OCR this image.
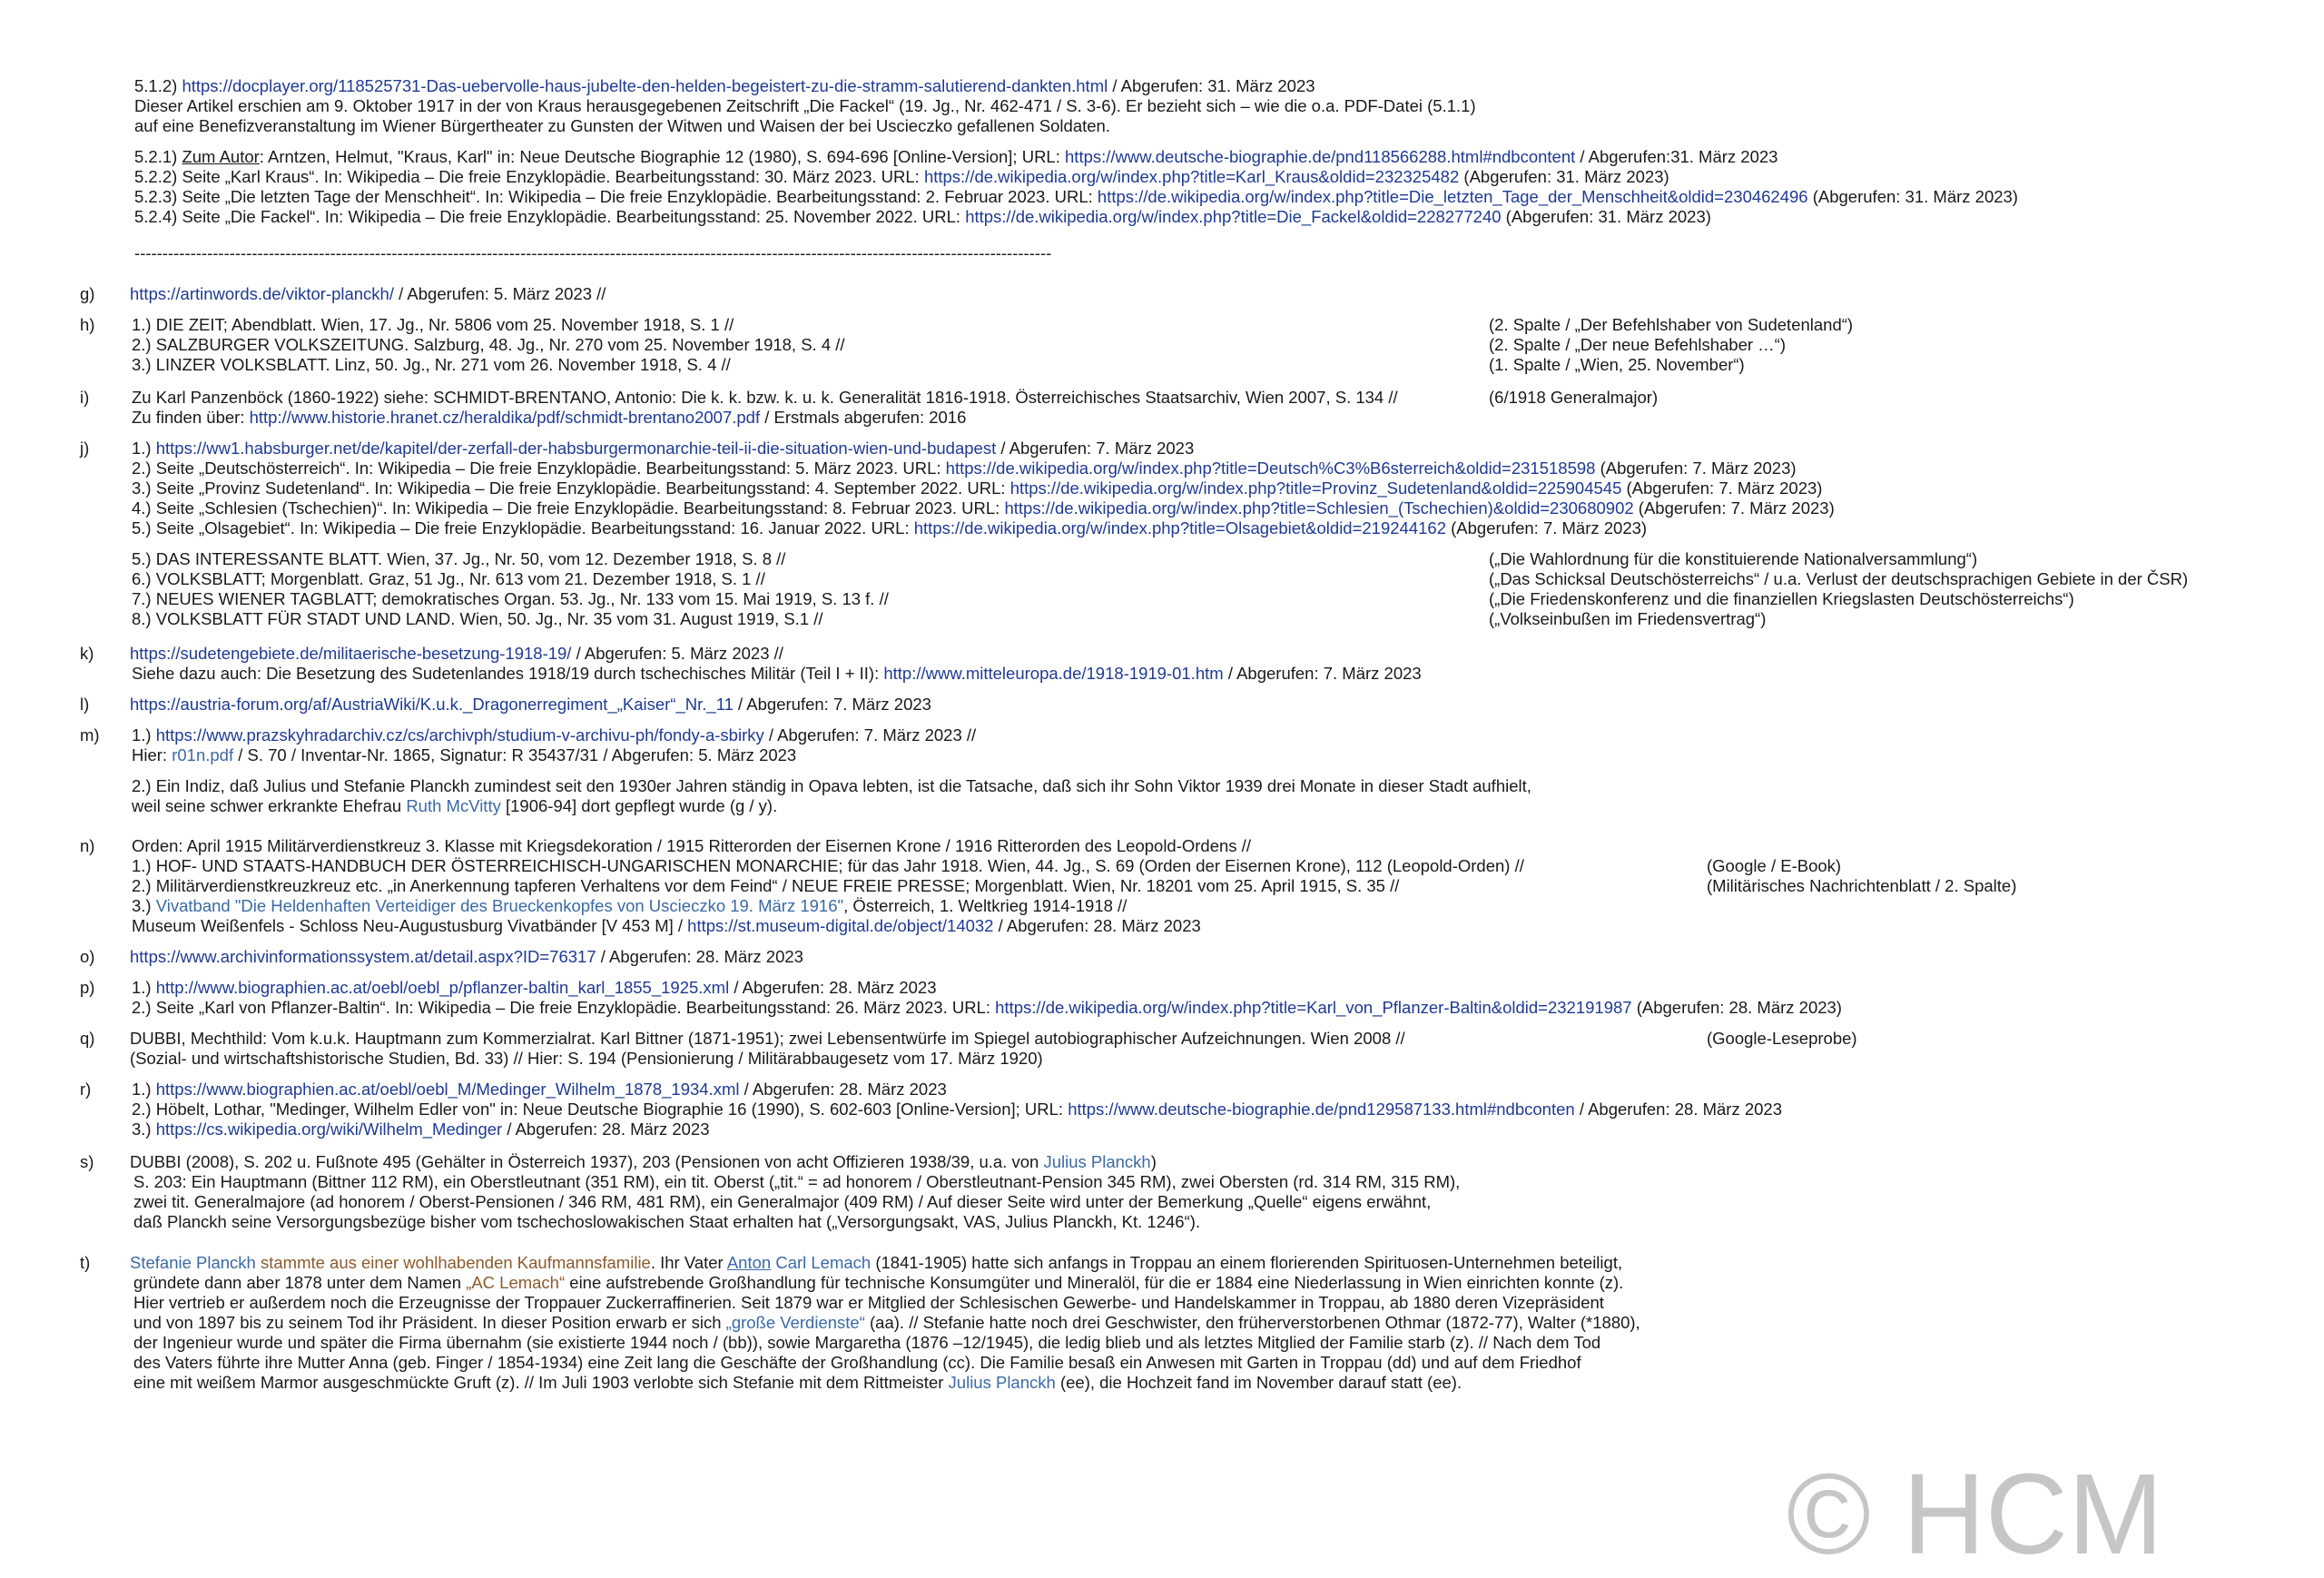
5.1.2) https://docplayer.org/118525731-Das-uebervolle-haus-jubelte-den-helden-begeistert-zu-die-stramm-salutierend-dankten.html / Abgerufen: 31. März 2023
Dieser Artikel erschien am 9. Oktober 1917 in der von Kraus herausgegebenen Zeitschrift „Die Fackel“ (19. Jg., Nr. 462-471 / S. 3-6). Er bezieht sich – wie die o.a. PDF-Datei (5.1.1)
auf eine Benefizveranstaltung im Wiener Bürgertheater zu Gunsten der Witwen und Waisen der bei Uscieczko gefallenen Soldaten.
5.2.1) Zum Autor: Arntzen, Helmut, "Kraus, Karl" in: Neue Deutsche Biographie 12 (1980), S. 694-696 [Online-Version]; URL: https://www.deutsche-biographie.de/pnd118566288.html#ndbcontent / Abgerufen:31. März 2023
5.2.2) Seite „Karl Kraus“. In: Wikipedia – Die freie Enzyklopädie. Bearbeitungsstand: 30. März 2023. URL: https://de.wikipedia.org/w/index.php?title=Karl_Kraus&oldid=232325482 (Abgerufen: 31. März 2023)
5.2.3) Seite „Die letzten Tage der Menschheit“. In: Wikipedia – Die freie Enzyklopädie. Bearbeitungsstand: 2. Februar 2023. URL: https://de.wikipedia.org/w/index.php?title=Die_letzten_Tage_der_Menschheit&oldid=230462496 (Abgerufen: 31. März 2023)
5.2.4) Seite „Die Fackel“. In: Wikipedia – Die freie Enzyklopädie. Bearbeitungsstand: 25. November 2022. URL: https://de.wikipedia.org/w/index.php?title=Die_Fackel&oldid=228277240 (Abgerufen: 31. März 2023)
--------------------------------------------------------------------------------------------------------------------------------------------------------------------
g) https://artinwords.de/viktor-planckh/ / Abgerufen: 5. März 2023 //
h) 1.) DIE ZEIT; Abendblatt. Wien, 17. Jg., Nr. 5806 vom 25. November 1918, S. 1 //
2.) SALZBURGER VOLKSZEITUNG. Salzburg, 48. Jg., Nr. 270 vom 25. November 1918, S. 4 //
3.) LINZER VOLKSBLATT. Linz, 50. Jg., Nr. 271 vom 26. November 1918, S. 4 //
(2. Spalte / „Der Befehlshaber von Sudetenland“)
(2. Spalte / „Der neue Befehlshaber …“)
(1. Spalte / „Wien, 25. November“)
i)	Zu Karl Panzenböck (1860-1922) siehe: SCHMIDT-BRENTANO, Antonio: Die k. k. bzw. k. u. k. Generalität 1816-1918. Österreichisches Staatsarchiv, Wien 2007, S. 134 //
Zu finden über: http://www.historie.hranet.cz/heraldika/pdf/schmidt-brentano2007.pdf / Erstmals abgerufen: 2016
(6/1918 Generalmajor)
j)	1.) https://ww1.habsburger.net/de/kapitel/der-zerfall-der-habsburgermonarchie-teil-ii-die-situation-wien-und-budapest / Abgerufen: 7. März 2023
2.) Seite „Deutschösterreich“. In: Wikipedia – Die freie Enzyklopädie. Bearbeitungsstand: 5. März 2023. URL: https://de.wikipedia.org/w/index.php?title=Deutsch%C3%B6sterreich&oldid=231518598 (Abgerufen: 7. März 2023)
3.) Seite „Provinz Sudetenland“. In: Wikipedia – Die freie Enzyklopädie. Bearbeitungsstand: 4. September 2022. URL: https://de.wikipedia.org/w/index.php?title=Provinz_Sudetenland&oldid=225904545 (Abgerufen: 7. März 2023)
4.) Seite „Schlesien (Tschechien)“. In: Wikipedia – Die freie Enzyklopädie. Bearbeitungsstand: 8. Februar 2023. URL: https://de.wikipedia.org/w/index.php?title=Schlesien_(Tschechien)&oldid=230680902 (Abgerufen: 7. März 2023)
5.) Seite „Olsagebiet“. In: Wikipedia – Die freie Enzyklopädie. Bearbeitungsstand: 16. Januar 2022. URL: https://de.wikipedia.org/w/index.php?title=Olsagebiet&oldid=219244162 (Abgerufen: 7. März 2023)
5.) DAS INTERESSANTE BLATT. Wien, 37. Jg., Nr. 50, vom 12. Dezember 1918, S. 8 //
6.) VOLKSBLATT; Morgenblatt. Graz, 51 Jg., Nr. 613 vom 21. Dezember 1918, S. 1 //
7.) NEUES WIENER TAGBLATT; demokratisches Organ. 53. Jg., Nr. 133 vom 15. Mai 1919, S. 13 f. //
8.) VOLKSBLATT FÜR STADT UND LAND. Wien, 50. Jg., Nr. 35 vom 31. August 1919, S.1 //
(„Die Wahlordnung für die konstituierende Nationalversammlung“)
(„Das Schicksal Deutschösterreichs“ / u.a. Verlust der deutschsprachigen Gebiete in der ČSR)
(„Die Friedenskonferenz und die finanziellen Kriegslasten Deutschösterreichs“)
(„Volkseinbußen im Friedensvertrag“)
k) https://sudetengebiete.de/militaerische-besetzung-1918-19/ / Abgerufen: 5. März 2023 //
Siehe dazu auch: Die Besetzung des Sudetenlandes 1918/19 durch tschechisches Militär (Teil I + II): http://www.mitteleuropa.de/1918-1919-01.htm / Abgerufen: 7. März 2023
l) https://austria-forum.org/af/AustriaWiki/K.u.k._Dragonerregiment_„Kaiser“_Nr._11 / Abgerufen: 7. März 2023
m) 1.) https://www.prazskyhradarchiv.cz/cs/archivph/studium-v-archivu-ph/fondy-a-sbirky / Abgerufen: 7. März 2023 //
Hier: r01n.pdf / S. 70 / Inventar-Nr. 1865, Signatur: R 35437/31 / Abgerufen: 5. März 2023
2.) Ein Indiz, daß Julius und Stefanie Planckh zumindest seit den 1930er Jahren ständig in Opava lebten, ist die Tatsache, daß sich ihr Sohn Viktor 1939 drei Monate in dieser Stadt aufhielt,
weil seine schwer erkrankte Ehefrau Ruth McVitty [1906-94] dort gepflegt wurde (g / y).
n) Orden: April 1915 Militärverdienstkreuz 3. Klasse mit Kriegsdekoration / 1915 Ritterorden der Eisernen Krone / 1916 Ritterorden des Leopold-Ordens //
1.) HOF- UND STAATS-HANDBUCH DER ÖSTERREICHISCH-UNGARISCHEN MONARCHIE; für das Jahr 1918. Wien, 44. Jg., S. 69 (Orden der Eisernen Krone), 112 (Leopold-Orden) //
2.) Militärverdienstkreuzkreuz etc. „in Anerkennung tapferen Verhaltens vor dem Feind“ / NEUE FREIE PRESSE; Morgenblatt. Wien, Nr. 18201 vom 25. April 1915, S. 35 //
3.) Vivatband "Die Heldenhaften Verteidiger des Brueckenkopfes von Uscieczko 19. März 1916", Österreich, 1. Weltkrieg 1914-1918 //
Museum Weißenfels - Schloss Neu-Augustusburg Vivatbänder [V 453 M] / https://st.museum-digital.de/object/14032 / Abgerufen: 28. März 2023
(Google / E-Book)
(Militärisches Nachrichtenblatt / 2. Spalte)
o) https://www.archivinformationssystem.at/detail.aspx?ID=76317 / Abgerufen: 28. März 2023
p) 1.) http://www.biographien.ac.at/oebl/oebl_p/pflanzer-baltin_karl_1855_1925.xml / Abgerufen: 28. März 2023
2.) Seite „Karl von Pflanzer-Baltin“. In: Wikipedia – Die freie Enzyklopädie. Bearbeitungsstand: 26. März 2023. URL: https://de.wikipedia.org/w/index.php?title=Karl_von_Pflanzer-Baltin&oldid=232191987 (Abgerufen: 28. März 2023)
q) DUBBI, Mechthild: Vom k.u.k. Hauptmann zum Kommerzialrat. Karl Bittner (1871-1951); zwei Lebensentwürfe im Spiegel autobiographischer Aufzeichnungen. Wien 2008 //
(Sozial- und wirtschaftshistorische Studien, Bd. 33) // Hier: S. 194 (Pensionierung / Militärabbaugesetz vom 17. März 1920)
(Google-Leseprobe)
r) 1.) https://www.biographien.ac.at/oebl/oebl_M/Medinger_Wilhelm_1878_1934.xml / Abgerufen: 28. März 2023
2.) Höbelt, Lothar, "Medinger, Wilhelm Edler von" in: Neue Deutsche Biographie 16 (1990), S. 602-603 [Online-Version]; URL: https://www.deutsche-biographie.de/pnd129587133.html#ndbconten / Abgerufen: 28. März 2023
3.) https://cs.wikipedia.org/wiki/Wilhelm_Medinger / Abgerufen: 28. März 2023
s) DUBBI (2008), S. 202 u. Fußnote 495 (Gehälter in Österreich 1937), 203 (Pensionen von acht Offizieren 1938/39, u.a. von Julius Planckh)
S. 203: Ein Hauptmann (Bittner 112 RM), ein Oberstleutnant (351 RM), ein tit. Oberst („tit.“ = ad honorem / Oberstleutnant-Pension 345 RM), zwei Obersten (rd. 314 RM, 315 RM),
zwei tit. Generalmajore (ad honorem / Oberst-Pensionen / 346 RM, 481 RM), ein Generalmajor (409 RM) / Auf dieser Seite wird unter der Bemerkung „Quelle“ eigens erwähnt,
daß Planckh seine Versorgungsbezüge bisher vom tschechoslowakischen Staat erhalten hat („Versorgungsakt, VAS, Julius Planckh, Kt. 1246“).
t) Stefanie Planckh stammte aus einer wohlhabenden Kaufmannsfamilie. Ihr Vater Anton Carl Lemach (1841-1905) hatte sich anfangs in Troppau an einem florierenden Spirituosen-Unternehmen beteiligt,
gründete dann aber 1878 unter dem Namen „AC Lemach“ eine aufstrebende Großhandlung für technische Konsumgüter und Mineralöl, für die er 1884 eine Niederlassung in Wien einrichten konnte (z).
Hier vertrieb er außerdem noch die Erzeugnisse der Troppauer Zuckerraffinerien. Seit 1879 war er Mitglied der Schlesischen Gewerbe- und Handelskammer in Troppau, ab 1880 deren Vizepräsident
und von 1897 bis zu seinem Tod ihr Präsident. In dieser Position erwarb er sich „große Verdienste“ (aa). // Stefanie hatte noch drei Geschwister, den früherverstorbenen Othmar (1872-77), Walter (*1880),
der Ingenieur wurde und später die Firma übernahm (sie existierte 1944 noch / (bb)), sowie Margaretha (1876 –12/1945), die ledig blieb und als letztes Mitglied der Familie starb (z). // Nach dem Tod
des Vaters führte ihre Mutter Anna (geb. Finger / 1854-1934) eine Zeit lang die Geschäfte der Großhandlung (cc). Die Familie besaß ein Anwesen mit Garten in Troppau (dd) und auf dem Friedhof
eine mit weißem Marmor ausgeschmückte Gruft (z). // Im Juli 1903 verlobte sich Stefanie mit dem Rittmeister Julius Planckh (ee), die Hochzeit fand im November darauf statt (ee).
© HCM
